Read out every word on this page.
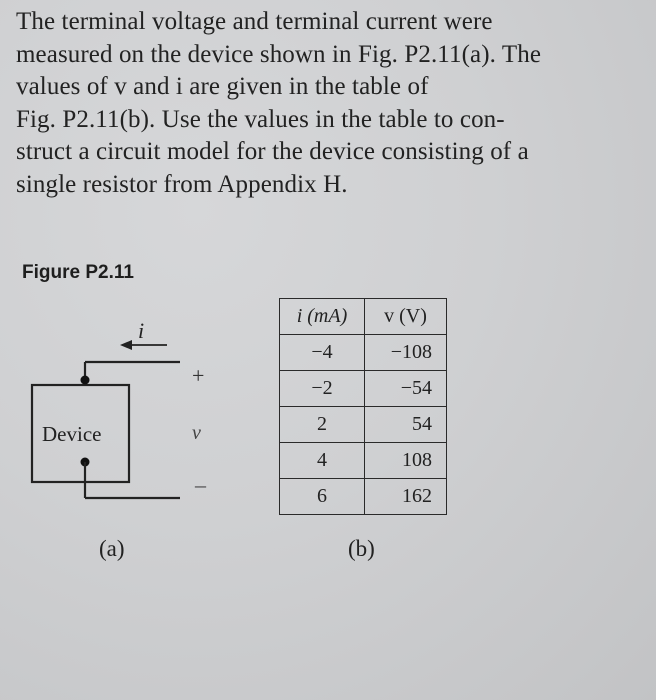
The terminal voltage and terminal current were
measured on the device shown in Fig. P2.11(a). The
values of v and i are given in the table of
Fig. P2.11(b). Use the values in the table to con-
struct a circuit model for the device consisting of a
single resistor from Appendix H.
Figure P2.11
Device
i
+
v
–
(a)
i (mA)	v (V)
−4	−108
−2	−54
2	54
4	108
6	162
(b)
